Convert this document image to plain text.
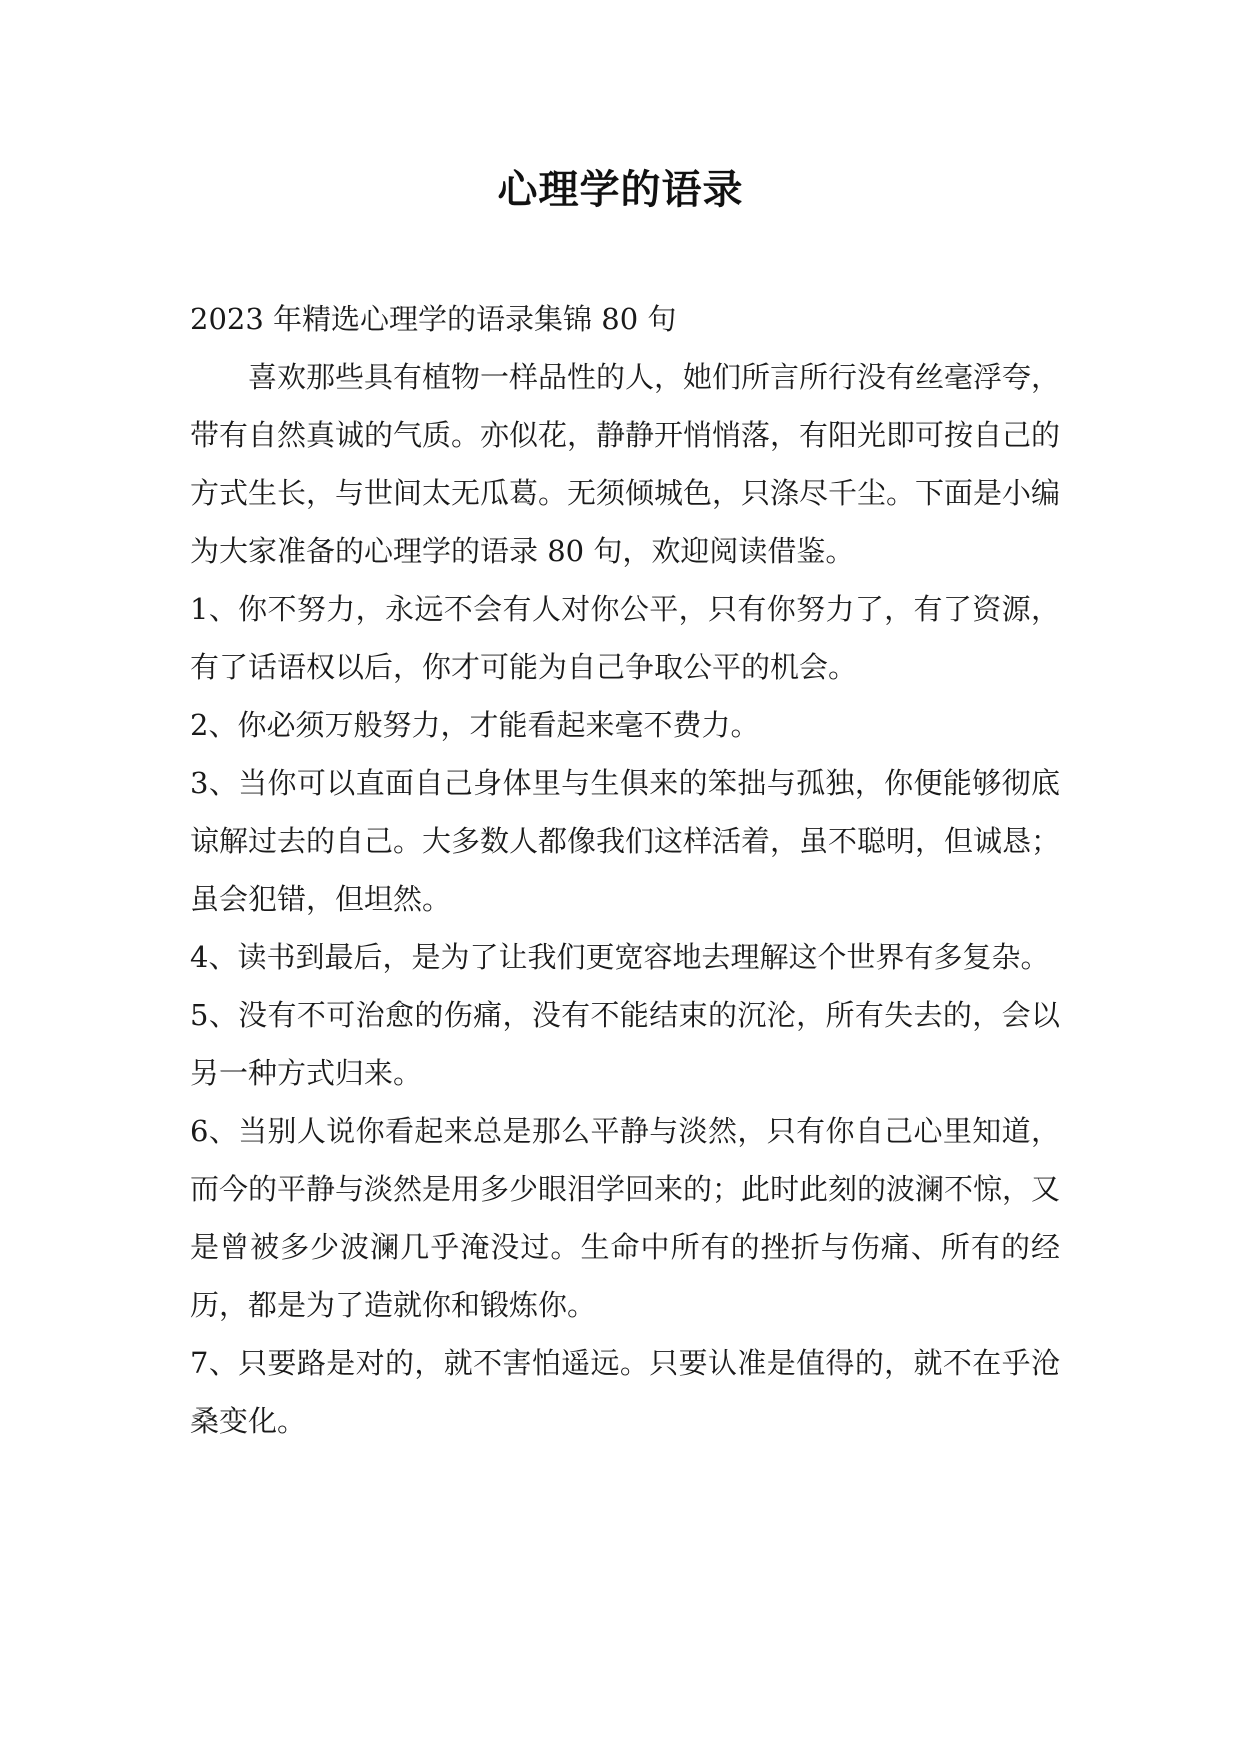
心理学的语录

2023 年精选心理学的语录集锦 80 句

喜欢那些具有植物一样品性的人，她们所言所行没有丝毫浮夸，带有自然真诚的气质。亦似花，静静开悄悄落，有阳光即可按自己的方式生长，与世间太无瓜葛。无须倾城色，只涤尽千尘。下面是小编为大家准备的心理学的语录 80 句，欢迎阅读借鉴。

1、你不努力，永远不会有人对你公平，只有你努力了，有了资源，有了话语权以后，你才可能为自己争取公平的机会。

2、你必须万般努力，才能看起来毫不费力。

3、当你可以直面自己身体里与生俱来的笨拙与孤独，你便能够彻底谅解过去的自己。大多数人都像我们这样活着，虽不聪明，但诚恳；虽会犯错，但坦然。

4、读书到最后，是为了让我们更宽容地去理解这个世界有多复杂。

5、没有不可治愈的伤痛，没有不能结束的沉沦，所有失去的，会以另一种方式归来。

6、当别人说你看起来总是那么平静与淡然，只有你自己心里知道，而今的平静与淡然是用多少眼泪学回来的；此时此刻的波澜不惊，又是曾被多少波澜几乎淹没过。生命中所有的挫折与伤痛、所有的经历，都是为了造就你和锻炼你。

7、只要路是对的，就不害怕遥远。只要认准是值得的，就不在乎沧桑变化。
